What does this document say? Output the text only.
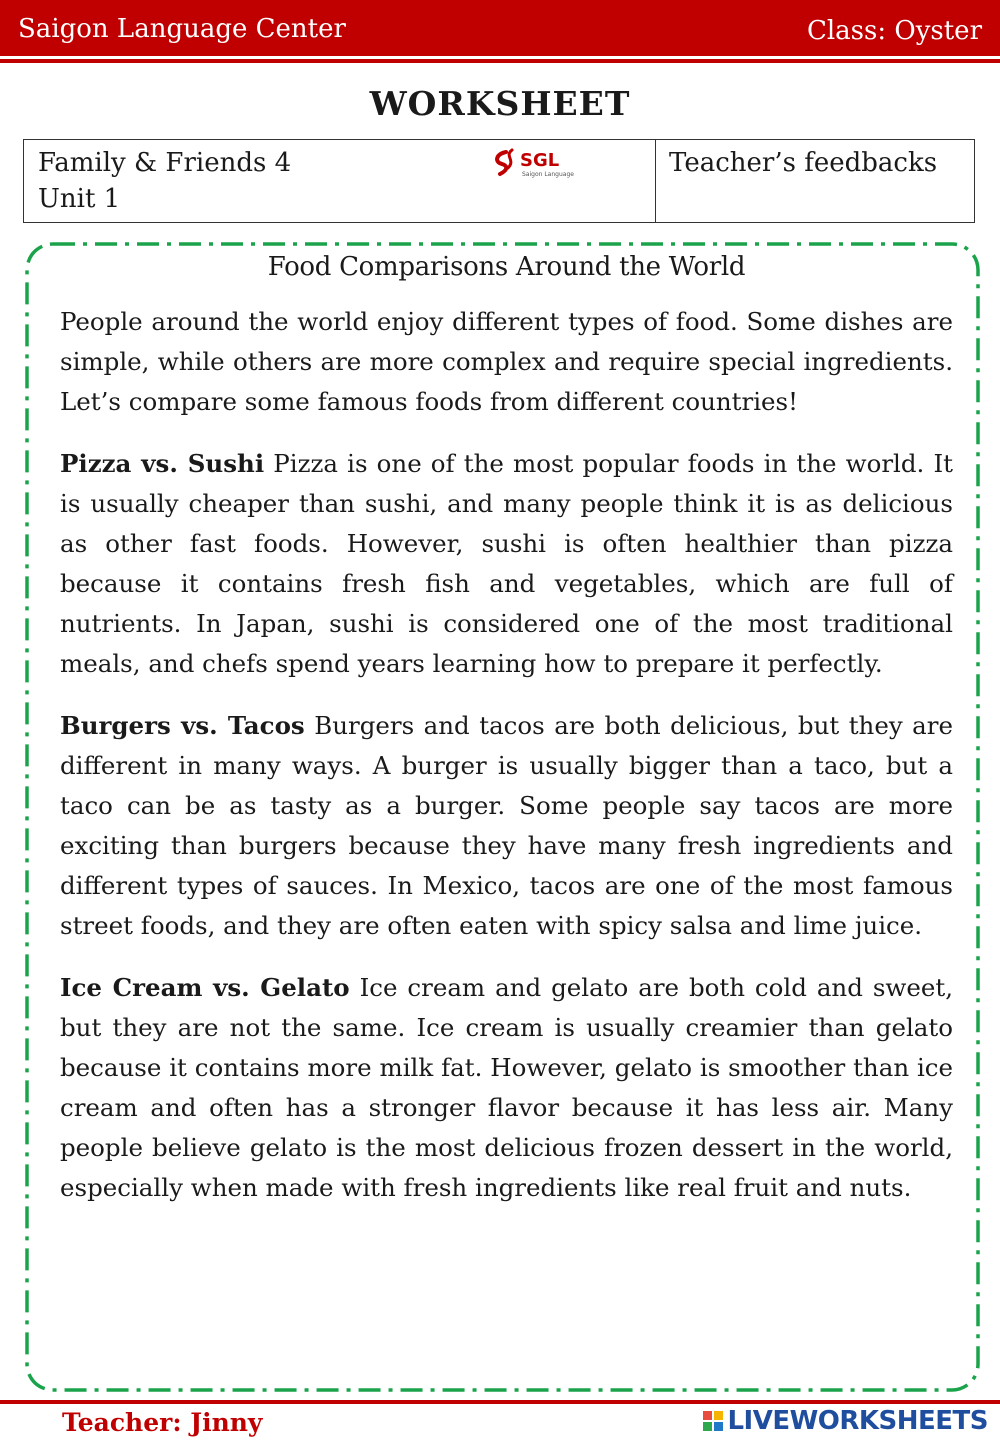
Saigon Language Center	Class: Oyster
WORKSHEET
Family & Friends 4
Unit 1
SGL
Saigon Language	Teacher’s feedbacks
Food Comparisons Around the World

People around the world enjoy different types of food. Some dishes are simple, while others are more complex and require special ingredients. Let’s compare some famous foods from different countries!

Pizza vs. Sushi Pizza is one of the most popular foods in the world. It is usually cheaper than sushi, and many people think it is as delicious as other fast foods. However, sushi is often healthier than pizza because it contains fresh fish and vegetables, which are full of nutrients. In Japan, sushi is considered one of the most traditional meals, and chefs spend years learning how to prepare it perfectly.

Burgers vs. Tacos Burgers and tacos are both delicious, but they are different in many ways. A burger is usually bigger than a taco, but a taco can be as tasty as a burger. Some people say tacos are more exciting than burgers because they have many fresh ingredients and different types of sauces. In Mexico, tacos are one of the most famous street foods, and they are often eaten with spicy salsa and lime juice.

Ice Cream vs. Gelato Ice cream and gelato are both cold and sweet, but they are not the same. Ice cream is usually creamier than gelato because it contains more milk fat. However, gelato is smoother than ice cream and often has a stronger flavor because it has less air. Many people believe gelato is the most delicious frozen dessert in the world, especially when made with fresh ingredients like real fruit and nuts.

Teacher: Jinny	LIVEWORKSHEETS
